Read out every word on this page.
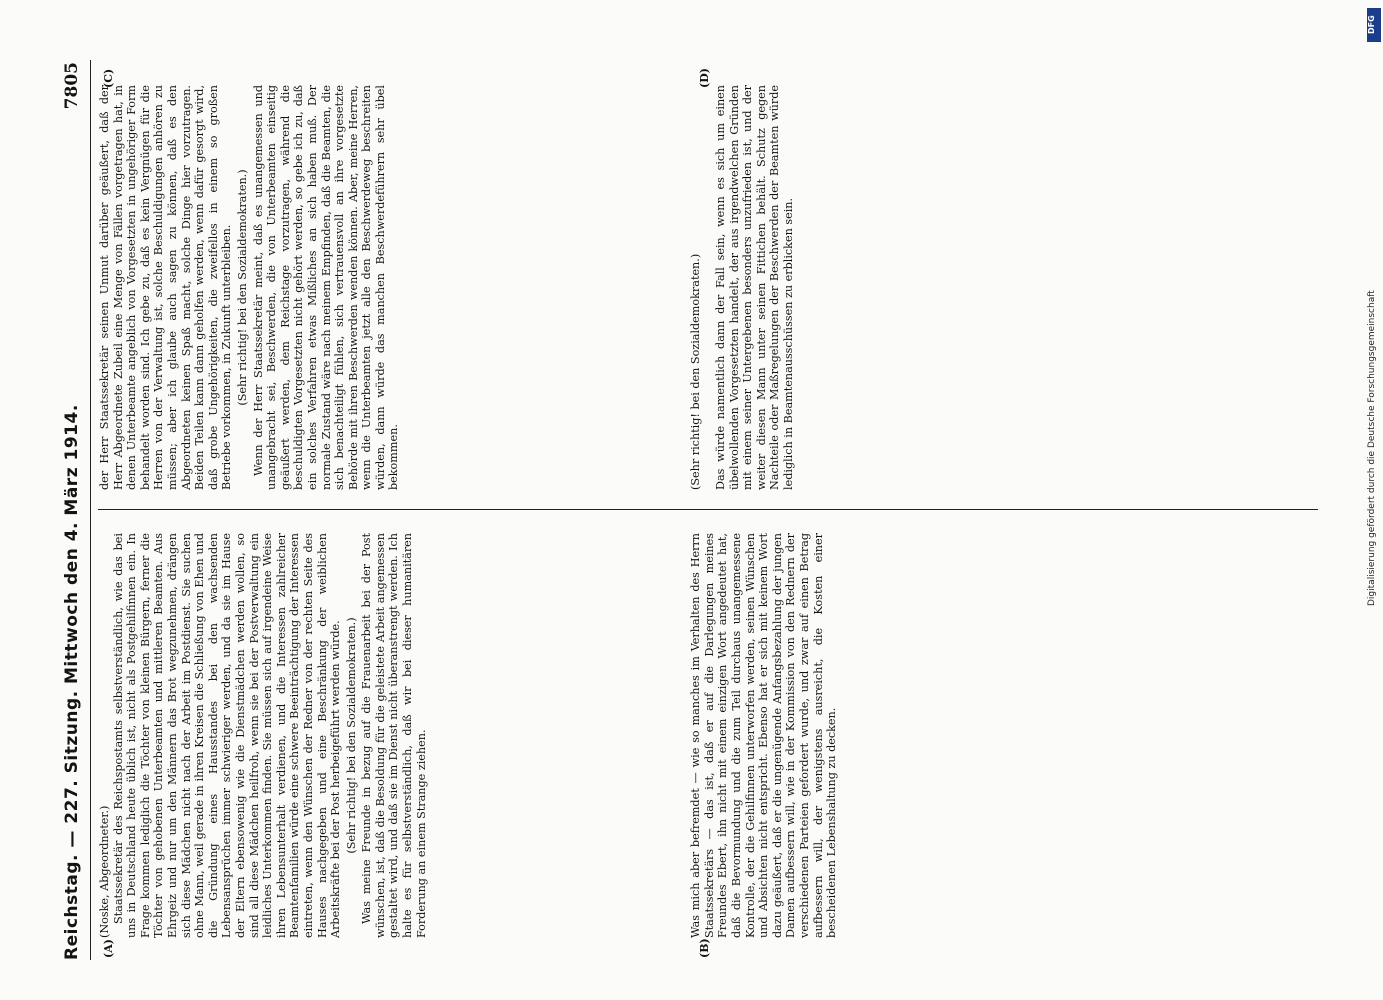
Reichstag. — 227. Sitzung. Mittwoch den 4. März 1914.
7805

(Noske, Abgeordneter.) Staatssekretär des Reichspostamts selbstverständlich, wie das bei uns in Deutschland heute üblich ist, nicht als Postgehilfinnen ein. In Frage kommen lediglich die Töchter von kleinen Bürgern, ferner die Töchter von gehobenen Unterbeamten und mittleren Beamten. Aus Ehrgeiz und nur um den Männern das Brot wegzunehmen, drängen sich diese Mädchen nicht nach der Arbeit im Postdienst. Sie suchen ohne Mann, weil gerade in ihren Kreisen die Schließung von Ehen und die Gründung eines Hausstandes bei den wachsenden Lebensansprüchen immer schwieriger werden, und da sie im Hause der Eltern ebensowenig wie die Dienstmädchen werden wollen, so sind all diese Mädchen heilfroh, wenn sie bei der Postverwaltung ein leidliches Unterkommen finden. Sie müssen sich auf irgendeine Weise ihren Lebensunterhalt verdienen, und die Interessen zahlreicher Beamtenfamilien würde eine schwere Beeinträchtigung der Interessen eintreten, wenn den Wünschen der Redner von der rechten Seite des Hauses nachgegeben und eine Beschränkung der weiblichen Arbeitskräfte bei der Post herbeigeführt werden würde. (Sehr richtig! bei den Sozialdemokraten.) Was meine Freunde in bezug auf die Frauenarbeit bei der Post wünschen, ist, daß die Besoldung für die geleistete Arbeit angemessen gestaltet wird, und daß sie im Dienst nicht überanstrengt werden. Ich halte es für selbstverständlich, daß wir bei dieser humanitären Forderung an einem Strange ziehen.

der Herr Staatssekretär seinen Unmut darüber geäußert, daß der Herr Abgeordnete Zubeil eine Menge von Fällen vorgetragen hat, in denen Unterbeamte angeblich von Vorgesetzten in ungehöriger Form behandelt worden sind. Ich gebe zu, daß es kein Vergnügen für die Herren von der Verwaltung ist, solche Beschuldigungen anhören zu müssen; aber ich glaube auch sagen zu können, daß es den Abgeordneten keinen Spaß macht, solche Dinge hier vorzutragen. Beiden Teilen kann dann geholfen werden, wenn dafür gesorgt wird, daß grobe Ungehörigkeiten, die zweifellos in einem so großen Betriebe vorkommen, in Zukunft unterbleiben. (Sehr richtig! bei den Sozialdemokraten.) Wenn der Herr Staatssekretär meint, daß es unangemessen und unangebracht sei, Beschwerden, die von Unterbeamten einseitig geäußert werden, dem Reichstage vorzutragen, während die beschuldigten Vorgesetzten nicht gehört werden, so gebe ich zu, daß ein solches Verfahren etwas Mißliches an sich haben muß. Der normale Zustand wäre nach meinem Empfinden, daß die Beamten, die sich benachteiligt fühlen, sich vertrauensvoll an ihre vorgesetzte Behörde mit ihren Beschwerden wenden können. Aber, meine Herren, wenn die Unterbeamten jetzt alle den Beschwerdeweg beschreiten würden, dann würde das manchen Beschwerdeführern sehr übel bekommen.

Was mich aber befremdet — wie so manches im Verhalten des Herrn Staatssekretärs — das ist, daß er auf die Darlegungen meines Freundes Ebert, ihn nicht mit einem einzigen Wort angedeutet hat, daß die Bevormundung und die zum Teil durchaus unangemessene Kontrolle, der die Gehilfinnen unterworfen werden, seinen Wünschen und Absichten nicht entspricht. Ebenso hat er sich mit keinem Wort dazu geäußert, daß er die ungenügende Anfangsbezahlung der jungen Damen aufbessern will, wie in der Kommission von den Rednern der verschiedenen Parteien gefordert wurde, und zwar auf einen Betrag aufbessern will, der wenigstens ausreicht, die Kosten einer bescheidenen Lebenshaltung zu decken.

(Sehr richtig! bei den Sozialdemokraten.) Das würde namentlich dann der Fall sein, wenn es sich um einen übelwollenden Vorgesetzten handelt, der aus irgendwelchen Gründen mit einem seiner Untergebenen besonders unzufrieden ist, und der weiter diesen Mann unter seinen Fittichen behält. Schutz gegen Nachteile oder Maßregelungen der Beschwerden der Beamten würde lediglich in Beamtenausschüssen zu erblicken sein.

(A)	(B)
(C)	(D)
DFG
Digitalisierung gefördert durch die Deutsche Forschungsgemeinschaft
